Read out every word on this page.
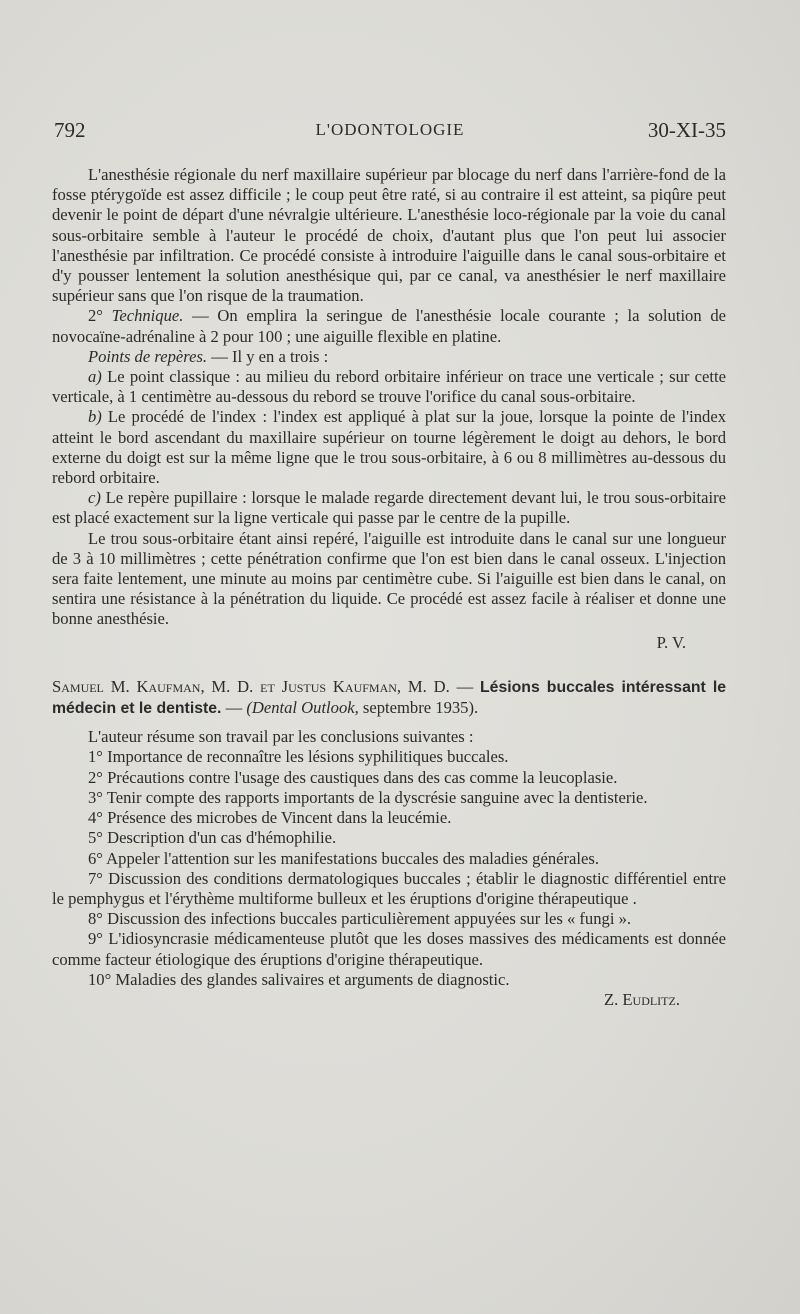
792	L'ODONTOLOGIE	30-XI-35

L'anesthésie régionale du nerf maxillaire supérieur par blocage du nerf dans l'arrière-fond de la fosse ptérygoïde est assez difficile ; le coup peut être raté, si au contraire il est atteint, sa piqûre peut devenir le point de départ d'une névralgie ultérieure. L'anesthésie loco-régionale par la voie du canal sous-orbitaire semble à l'auteur le procédé de choix, d'autant plus que l'on peut lui associer l'anesthésie par infiltration. Ce procédé consiste à introduire l'aiguille dans le canal sous-orbitaire et d'y pousser lentement la solution anesthésique qui, par ce canal, va anesthésier le nerf maxillaire supérieur sans que l'on risque de la traumation.

2° Technique. — On emplira la seringue de l'anesthésie locale courante ; la solution de novocaïne-adrénaline à 2 pour 100 ; une aiguille flexible en platine.

Points de repères. — Il y en a trois :

a) Le point classique : au milieu du rebord orbitaire inférieur on trace une verticale ; sur cette verticale, à 1 centimètre au-dessous du rebord se trouve l'orifice du canal sous-orbitaire.

b) Le procédé de l'index : l'index est appliqué à plat sur la joue, lorsque la pointe de l'index atteint le bord ascendant du maxillaire supérieur on tourne légèrement le doigt au dehors, le bord externe du doigt est sur la même ligne que le trou sous-orbitaire, à 6 ou 8 millimètres au-dessous du rebord orbitaire.

c) Le repère pupillaire : lorsque le malade regarde directement devant lui, le trou sous-orbitaire est placé exactement sur la ligne verticale qui passe par le centre de la pupille.

Le trou sous-orbitaire étant ainsi repéré, l'aiguille est introduite dans le canal sur une longueur de 3 à 10 millimètres ; cette pénétration confirme que l'on est bien dans le canal osseux. L'injection sera faite lentement, une minute au moins par centimètre cube. Si l'aiguille est bien dans le canal, on sentira une résistance à la pénétration du liquide. Ce procédé est assez facile à réaliser et donne une bonne anesthésie.

P. V.

Samuel M. Kaufman, M. D. et Justus Kaufman, M. D. — Lésions buccales intéressant le médecin et le dentiste. — (Dental Outlook, septembre 1935).

L'auteur résume son travail par les conclusions suivantes :

1° Importance de reconnaître les lésions syphilitiques buccales.

2° Précautions contre l'usage des caustiques dans des cas comme la leucoplasie.

3° Tenir compte des rapports importants de la dyscrésie sanguine avec la dentisterie.

4° Présence des microbes de Vincent dans la leucémie.

5° Description d'un cas d'hémophilie.

6° Appeler l'attention sur les manifestations buccales des maladies générales.

7° Discussion des conditions dermatologiques buccales ; établir le diagnostic différentiel entre le pemphygus et l'érythème multiforme bulleux et les éruptions d'origine thérapeutique .

8° Discussion des infections buccales particulièrement appuyées sur les « fungi ».

9° L'idiosyncrasie médicamenteuse plutôt que les doses massives des médicaments est donnée comme facteur étiologique des éruptions d'origine thérapeutique.

10° Maladies des glandes salivaires et arguments de diagnostic.

Z. Eudlitz.
